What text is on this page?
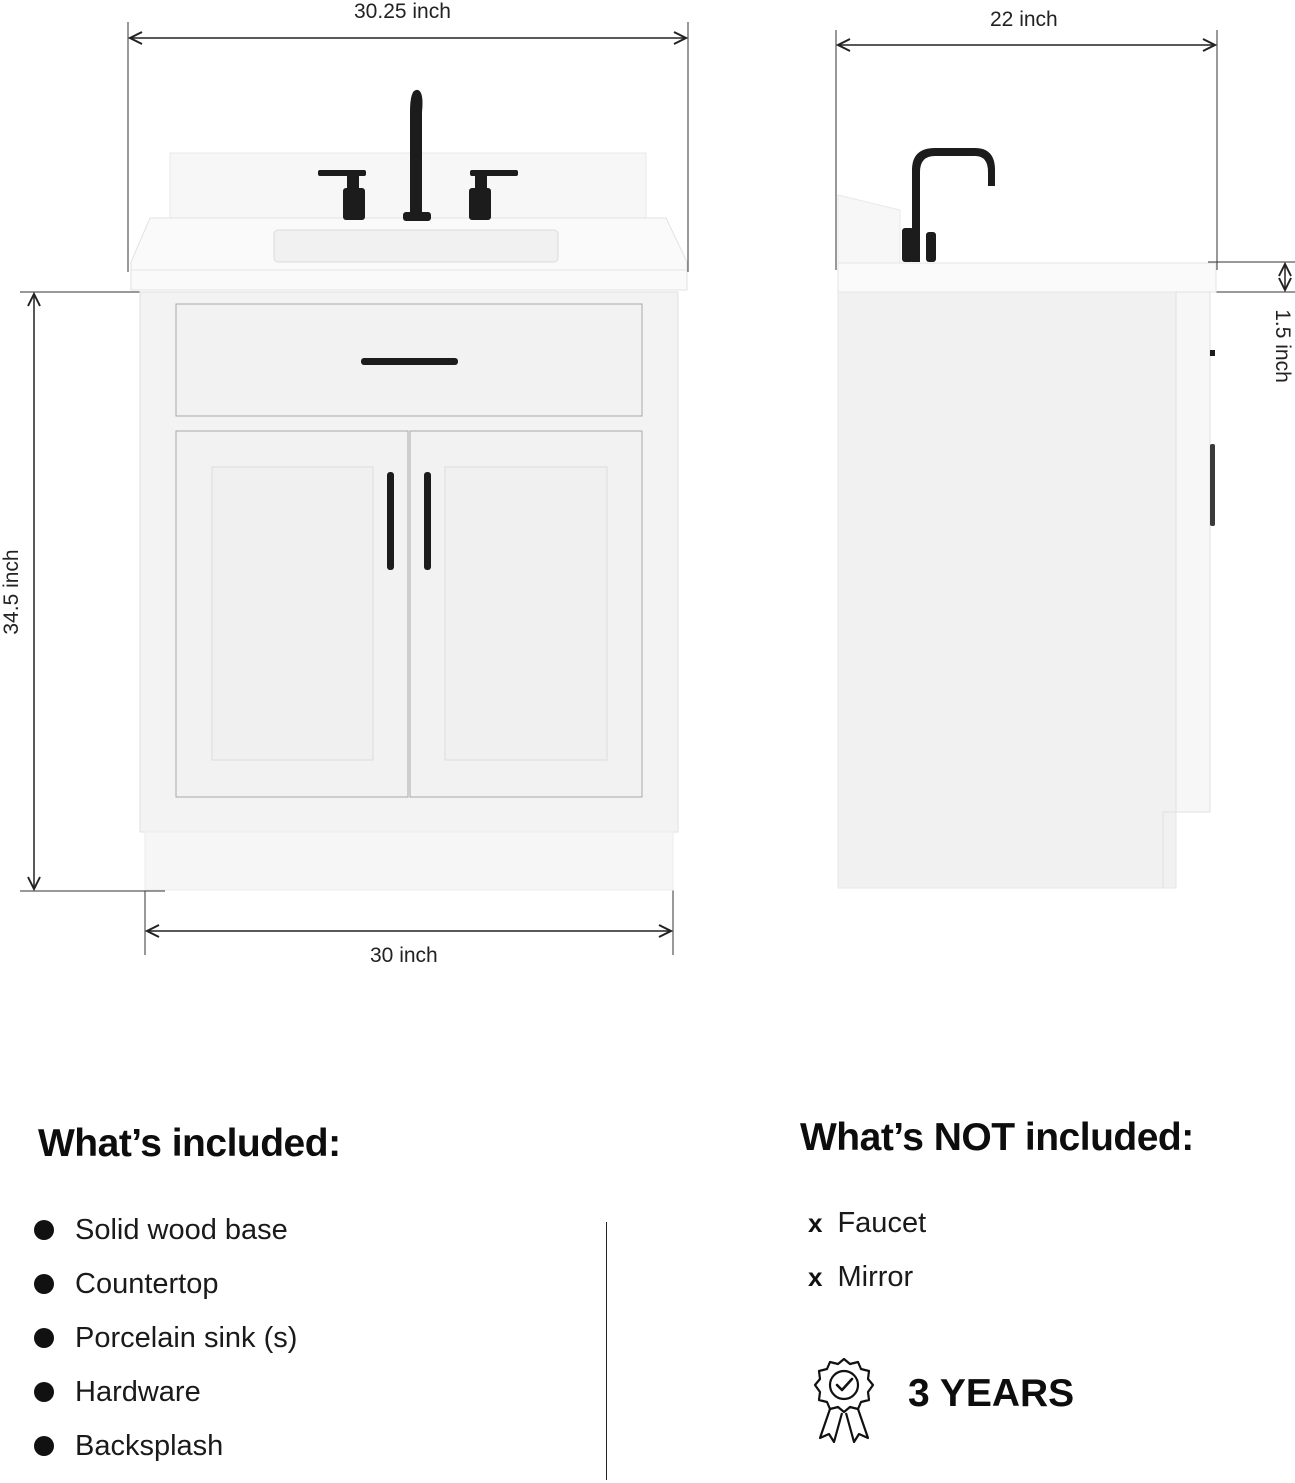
30.25 inch
34.5 inch
30 inch
22 inch
1.5 inch
What’s included:
Solid wood base
Countertop
Porcelain sink (s)
Hardware
Backsplash
What’s NOT included:
x Faucet
x Mirror
3 YEARS
